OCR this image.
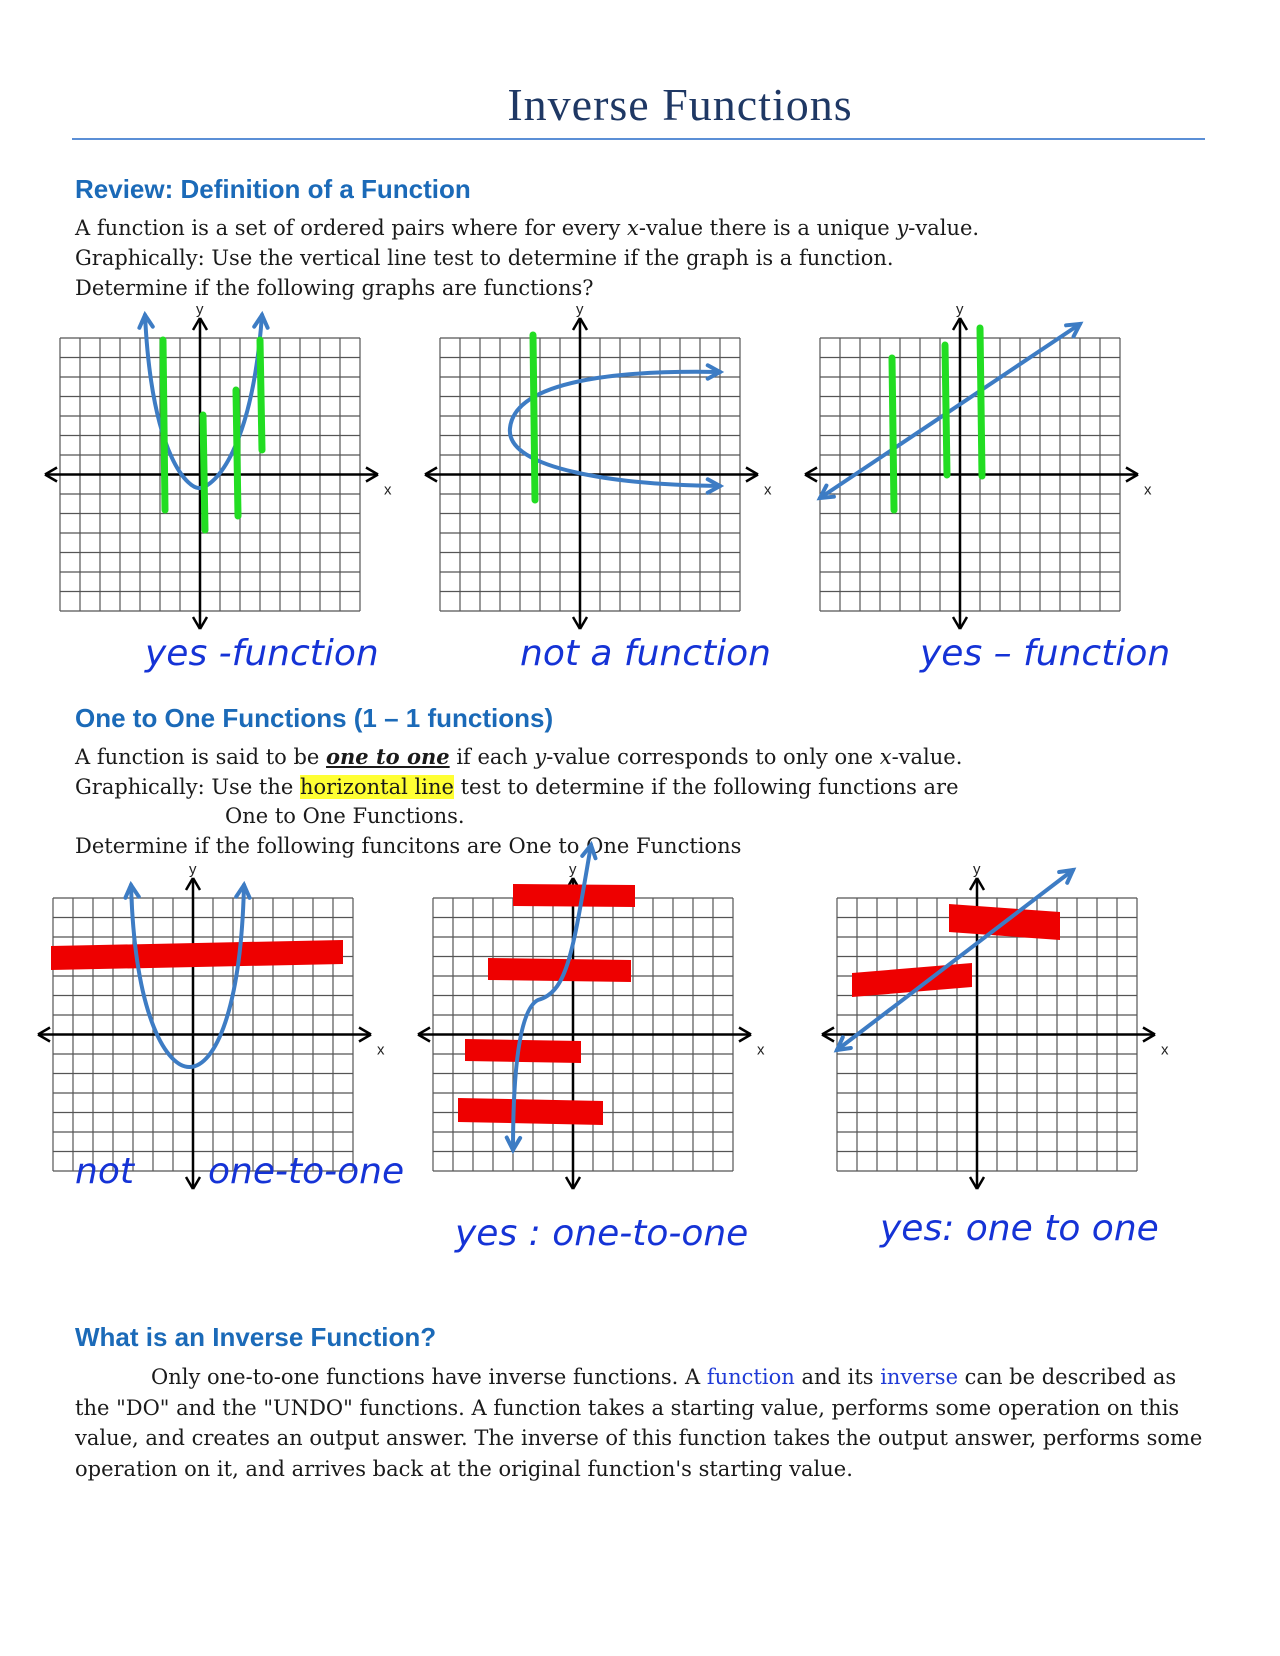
Inverse Functions
Review: Definition of a Function
A function is a set of ordered pairs where for every x-value there is a unique y-value.
Graphically: Use the vertical line test to determine if the graph is a function.
Determine if the following graphs are functions?
x
y
x
y
x
y
yes -function	not a function	yes – function
One to One Functions (1 – 1 functions)
A function is said to be one to one if each y-value corresponds to only one x-value.
Graphically: Use the horizontal line test to determine if the following functions are
One to One Functions.
Determine if the following funcitons are One to One Functions
x
y
x
y
x
y
not one-to-one
yes : one-to-one	yes: one to one
What is an Inverse Function?
Only one-to-one functions have inverse functions. A function and its inverse can be described as the "DO" and the "UNDO" functions. A function takes a starting value, performs some operation on this value, and creates an output answer. The inverse of this function takes the output answer, performs some operation on it, and arrives back at the original function's starting value.
